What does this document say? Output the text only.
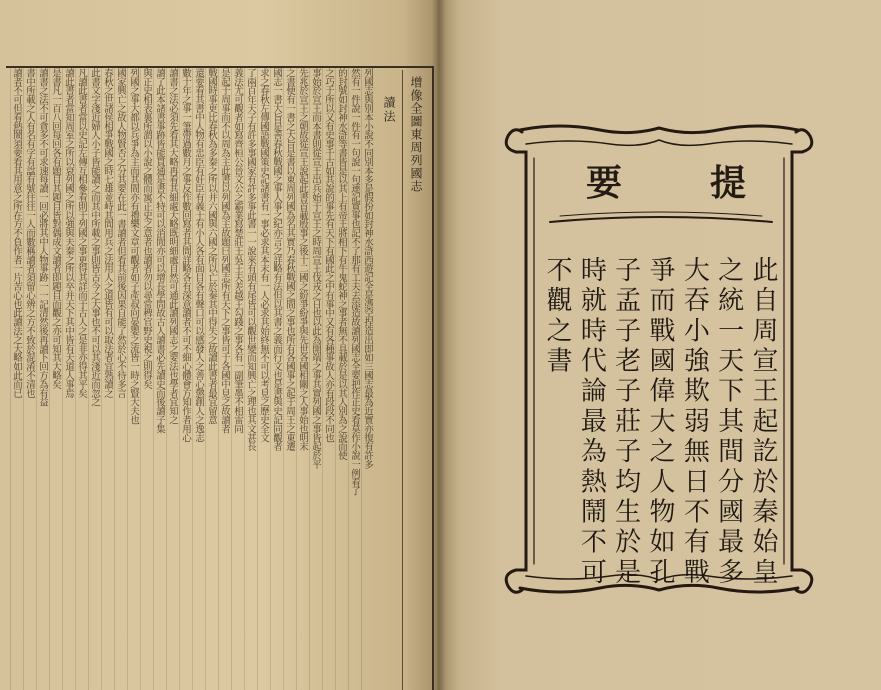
增像全圖東周列國志
讀法
列國志與別本小說不同別本多是假扮如封神水滸西遊記全是憑空捏造出即如三國志最為近實亦復有許多
然有一件說一件有一句說一句連記實事也記不了那有工夫去添造故讀列國志全要把作正史看莫作小說一例看了
的封號如封神水滸等書皆是以其上有帝王將相下有牛鬼蛇神之事者無不具載於是以其人別為之說而使
之巧于所以又有史事千古如其說的事先有天下有國此之中有事中又有各種事故人亦有段段不同也
事始於宣王而本書則從宣王出兵始于宣王之時周宣王伐戎之日也以此為開端之事其實列國之事皆起於平
先兆於宣王之朝故從宣王說起此書首載殷事之後十二國之紛爭紛爭與先世各國相關之人事始也明末
之書便有一書之大旨是書以東周列國為名其實乃春秋戰國之間之事也所有各國事之起于周王之東遷
國志一書大旨是善春秋戰國之事人事之紀亦言之詳略有法但以其書之義而行文也是書與史記同觀者
求之春秋左傳國語戰國策史記諸書有一事必求其本末有一人必求其始終無不可以考見之歷史全文
了兩百年天子有許多事國家有許多事此書一一說來有頭有尾皆可以觀世變而知興亡之理也其文甚長
義法尤可觀者如寫齊桓公晉文公之霸業寫楚莊王吳王夫差越王勾踐之事各有一副筆墨不相雷同
是起于周事而不以周為主此書以列國為主故題曰列國志所有天下之事皆可于各國中見之故讀者
戰國時事更比春秋為多秦之所以并六國與六國之所以亡於秦其中得失之故讀此書者最宜留意
還要看其書中人物有忠臣有奸臣有義士有小人各有面目各有聲口可以感發人之善心懲創人之逸志
數十年之事一筆帶過數月之事反作數回寫者其間詳略各有深意讀者不可不細心體會方知作者用心
讀書之法必須先看其大略再看其細處大略既明細處自然可通此讀列國志之要法也學者宜知之
讀了此本諸書事跡皆能貫通是書不特可以消閒亦可以增長學問故古人讀書必先讀史而後讀子集
與正史相表裏所謂以小說之體而寓正史之意者也讀者勿以尋常稗官野史視之則得矣
列國之事大都以兵爭為主而其間亦有禮樂文章可觀者如子產叔向晏嬰之流皆一時之賢大夫也
國家興亡之故人物賢否之分其要在此一書讀者但看其前後因果自能了然於心不待多言
春秋之世諸侯相爭戰國之時七雄並峙其間用兵之法用人之道皆有可以取法者宜熟讀之
此書文字淺近婦人小子皆能讀之而其中所載之事則皆古今之大事也不可以其淺近而忽之
凡讀此書者當以史記左傳互相參看則于列國之事更得其詳而于古人之是非亦得其平矣
讀此書者當知周室之所以衰列國之所以強與夫秦之所以卒并天下其中皆有天道人事焉
是書凡一百八回每回各有題目其題目皆對偶成文讀者即題目而觀之亦可知其大略矣
讀書之法不可貪多不可求速每讀一回必將其中人物事跡一一記清然後再讀下回方為有益
書中所載之人有名有字有諡有號往往一人而數稱讀者須留心辨之方不致於混淆不清也
讀者不可但看熱鬧須要看其用意之所在方不負作者一片苦心也此讀法之大略如此而已	要 提
此自周宣王起訖於秦始皇
之統一天下其間分國最多
大吞小強欺弱無日不有戰
爭而戰國偉大之人物如孔
子孟子老子莊子均生於是
時就時代論最為熱鬧不可
不觀之書
